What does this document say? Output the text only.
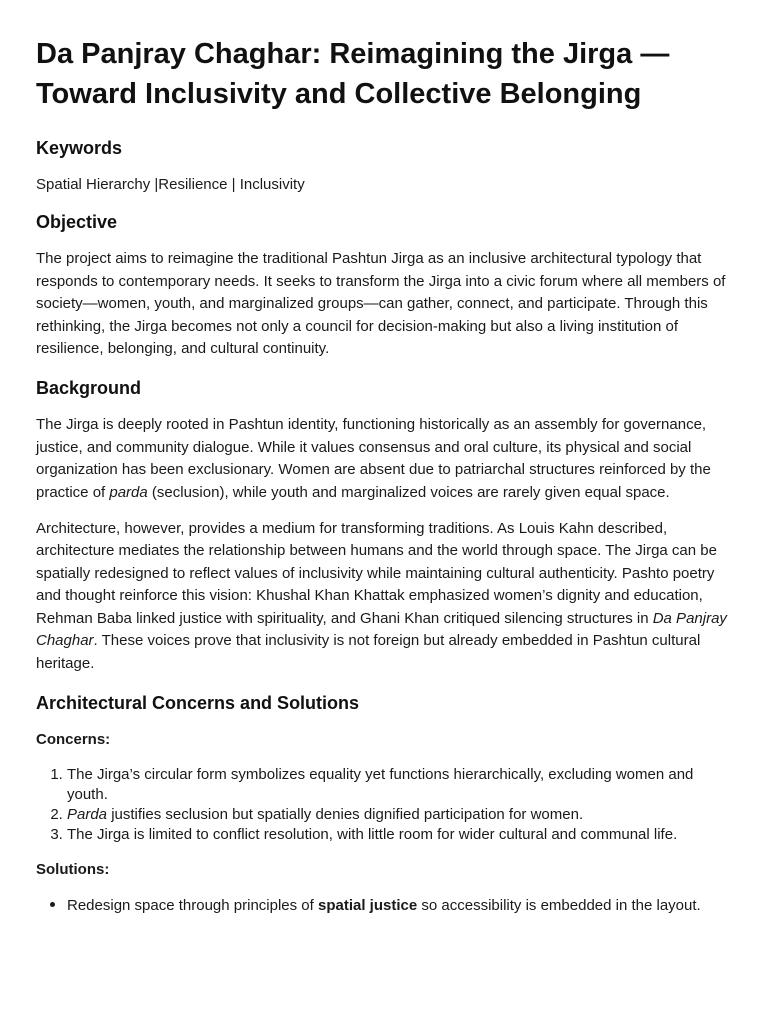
Da Panjray Chaghar: Reimagining the Jirga — Toward Inclusivity and Collective Belonging
Keywords

Spatial Hierarchy |Resilience | Inclusivity

Objective

The project aims to reimagine the traditional Pashtun Jirga as an inclusive architectural typology that responds to contemporary needs. It seeks to transform the Jirga into a civic forum where all members of society—women, youth, and marginalized groups—can gather, connect, and participate. Through this rethinking, the Jirga becomes not only a council for decision-making but also a living institution of resilience, belonging, and cultural continuity.

Background

The Jirga is deeply rooted in Pashtun identity, functioning historically as an assembly for governance, justice, and community dialogue. While it values consensus and oral culture, its physical and social organization has been exclusionary. Women are absent due to patriarchal structures reinforced by the practice of parda (seclusion), while youth and marginalized voices are rarely given equal space.

Architecture, however, provides a medium for transforming traditions. As Louis Kahn described, architecture mediates the relationship between humans and the world through space. The Jirga can be spatially redesigned to reflect values of inclusivity while maintaining cultural authenticity. Pashto poetry and thought reinforce this vision: Khushal Khan Khattak emphasized women’s dignity and education, Rehman Baba linked justice with spirituality, and Ghani Khan critiqued silencing structures in Da Panjray Chaghar. These voices prove that inclusivity is not foreign but already embedded in Pashtun cultural heritage.

Architectural Concerns and Solutions

Concerns:

1. The Jirga’s circular form symbolizes equality yet functions hierarchically, excluding women and youth.
2. Parda justifies seclusion but spatially denies dignified participation for women.
3. The Jirga is limited to conflict resolution, with little room for wider cultural and communal life.

Solutions:

• Redesign space through principles of spatial justice so accessibility is embedded in the layout.
